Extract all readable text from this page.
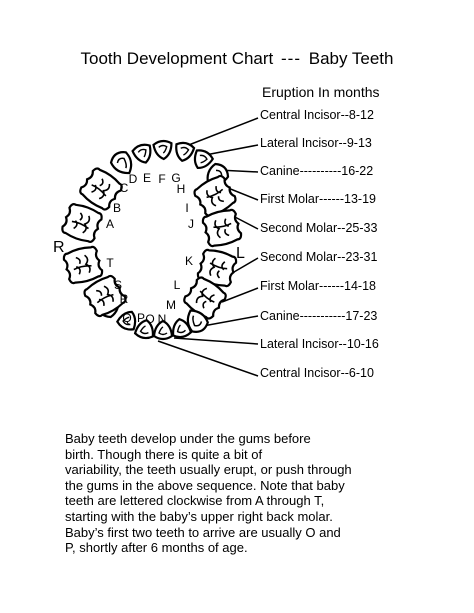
Tooth Development Chart --- Baby Teeth
Eruption In months
Central Incisor--8-12
Lateral Incisor--9-13
Canine----------16-22
First Molar------13-19
Second Molar--25-33
Second Molar--23-31
First Molar------14-18
Canine-----------17-23
Lateral Incisor--10-16
Central Incisor--6-10
A
B
C
D E F G
H
I
J
K
L
M
N
O
P
Q
R
S
T
R	L
Baby teeth develop under the gums before
birth. Though there is quite a bit of
variability, the teeth usually erupt, or push through
the gums in the above sequence. Note that baby
teeth are lettered clockwise from A through T,
starting with the baby’s upper right back molar.
Baby’s first two teeth to arrive are usually O and
P, shortly after 6 months of age.
